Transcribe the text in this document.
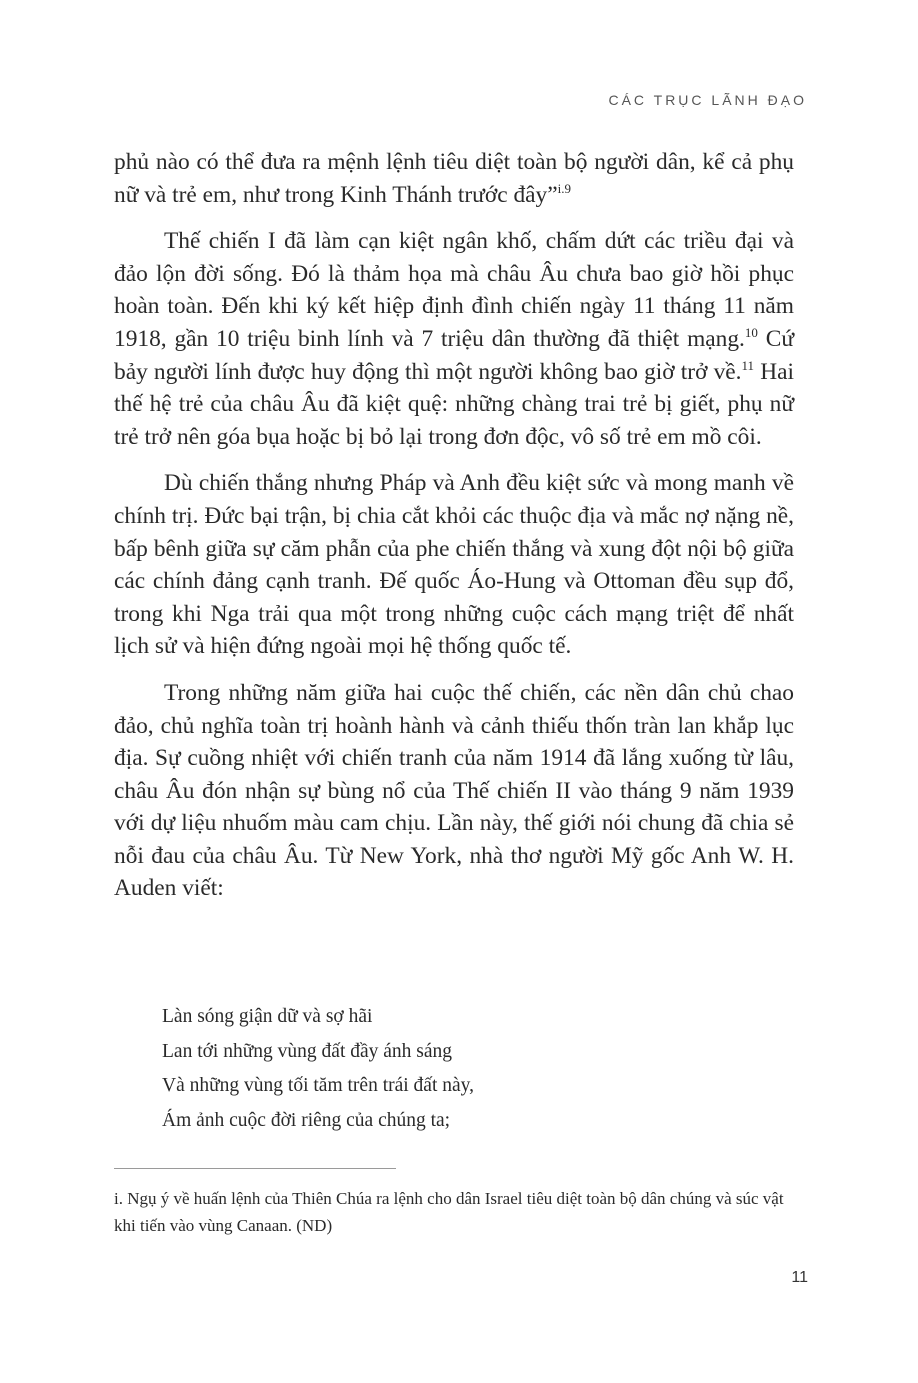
CÁC TRỤC LÃNH ĐẠO

phủ nào có thể đưa ra mệnh lệnh tiêu diệt toàn bộ người dân, kể cả phụ nữ và trẻ em, như trong Kinh Thánh trước đây”$^{i.9}$

Thế chiến I đã làm cạn kiệt ngân khố, chấm dứt các triều đại và đảo lộn đời sống. Đó là thảm họa mà châu Âu chưa bao giờ hồi phục hoàn toàn. Đến khi ký kết hiệp định đình chiến ngày 11 tháng 11 năm 1918, gần 10 triệu binh lính và 7 triệu dân thường đã thiệt mạng.$^{10}$ Cứ bảy người lính được huy động thì một người không bao giờ trở về.$^{11}$ Hai thế hệ trẻ của châu Âu đã kiệt quệ: những chàng trai trẻ bị giết, phụ nữ trẻ trở nên góa bụa hoặc bị bỏ lại trong đơn độc, vô số trẻ em mồ côi.

Dù chiến thắng nhưng Pháp và Anh đều kiệt sức và mong manh về chính trị. Đức bại trận, bị chia cắt khỏi các thuộc địa và mắc nợ nặng nề, bấp bênh giữa sự căm phẫn của phe chiến thắng và xung đột nội bộ giữa các chính đảng cạnh tranh. Đế quốc Áo-Hung và Ottoman đều sụp đổ, trong khi Nga trải qua một trong những cuộc cách mạng triệt để nhất lịch sử và hiện đứng ngoài mọi hệ thống quốc tế.

Trong những năm giữa hai cuộc thế chiến, các nền dân chủ chao đảo, chủ nghĩa toàn trị hoành hành và cảnh thiếu thốn tràn lan khắp lục địa. Sự cuồng nhiệt với chiến tranh của năm 1914 đã lắng xuống từ lâu, châu Âu đón nhận sự bùng nổ của Thế chiến II vào tháng 9 năm 1939 với dự liệu nhuốm màu cam chịu. Lần này, thế giới nói chung đã chia sẻ nỗi đau của châu Âu. Từ New York, nhà thơ người Mỹ gốc Anh W. H. Auden viết:

Làn sóng giận dữ và sợ hãi
Lan tới những vùng đất đầy ánh sáng
Và những vùng tối tăm trên trái đất này,
Ám ảnh cuộc đời riêng của chúng ta;
i. Ngụ ý về huấn lệnh của Thiên Chúa ra lệnh cho dân Israel tiêu diệt toàn bộ dân chúng và súc vật khi tiến vào vùng Canaan. (ND)
11
